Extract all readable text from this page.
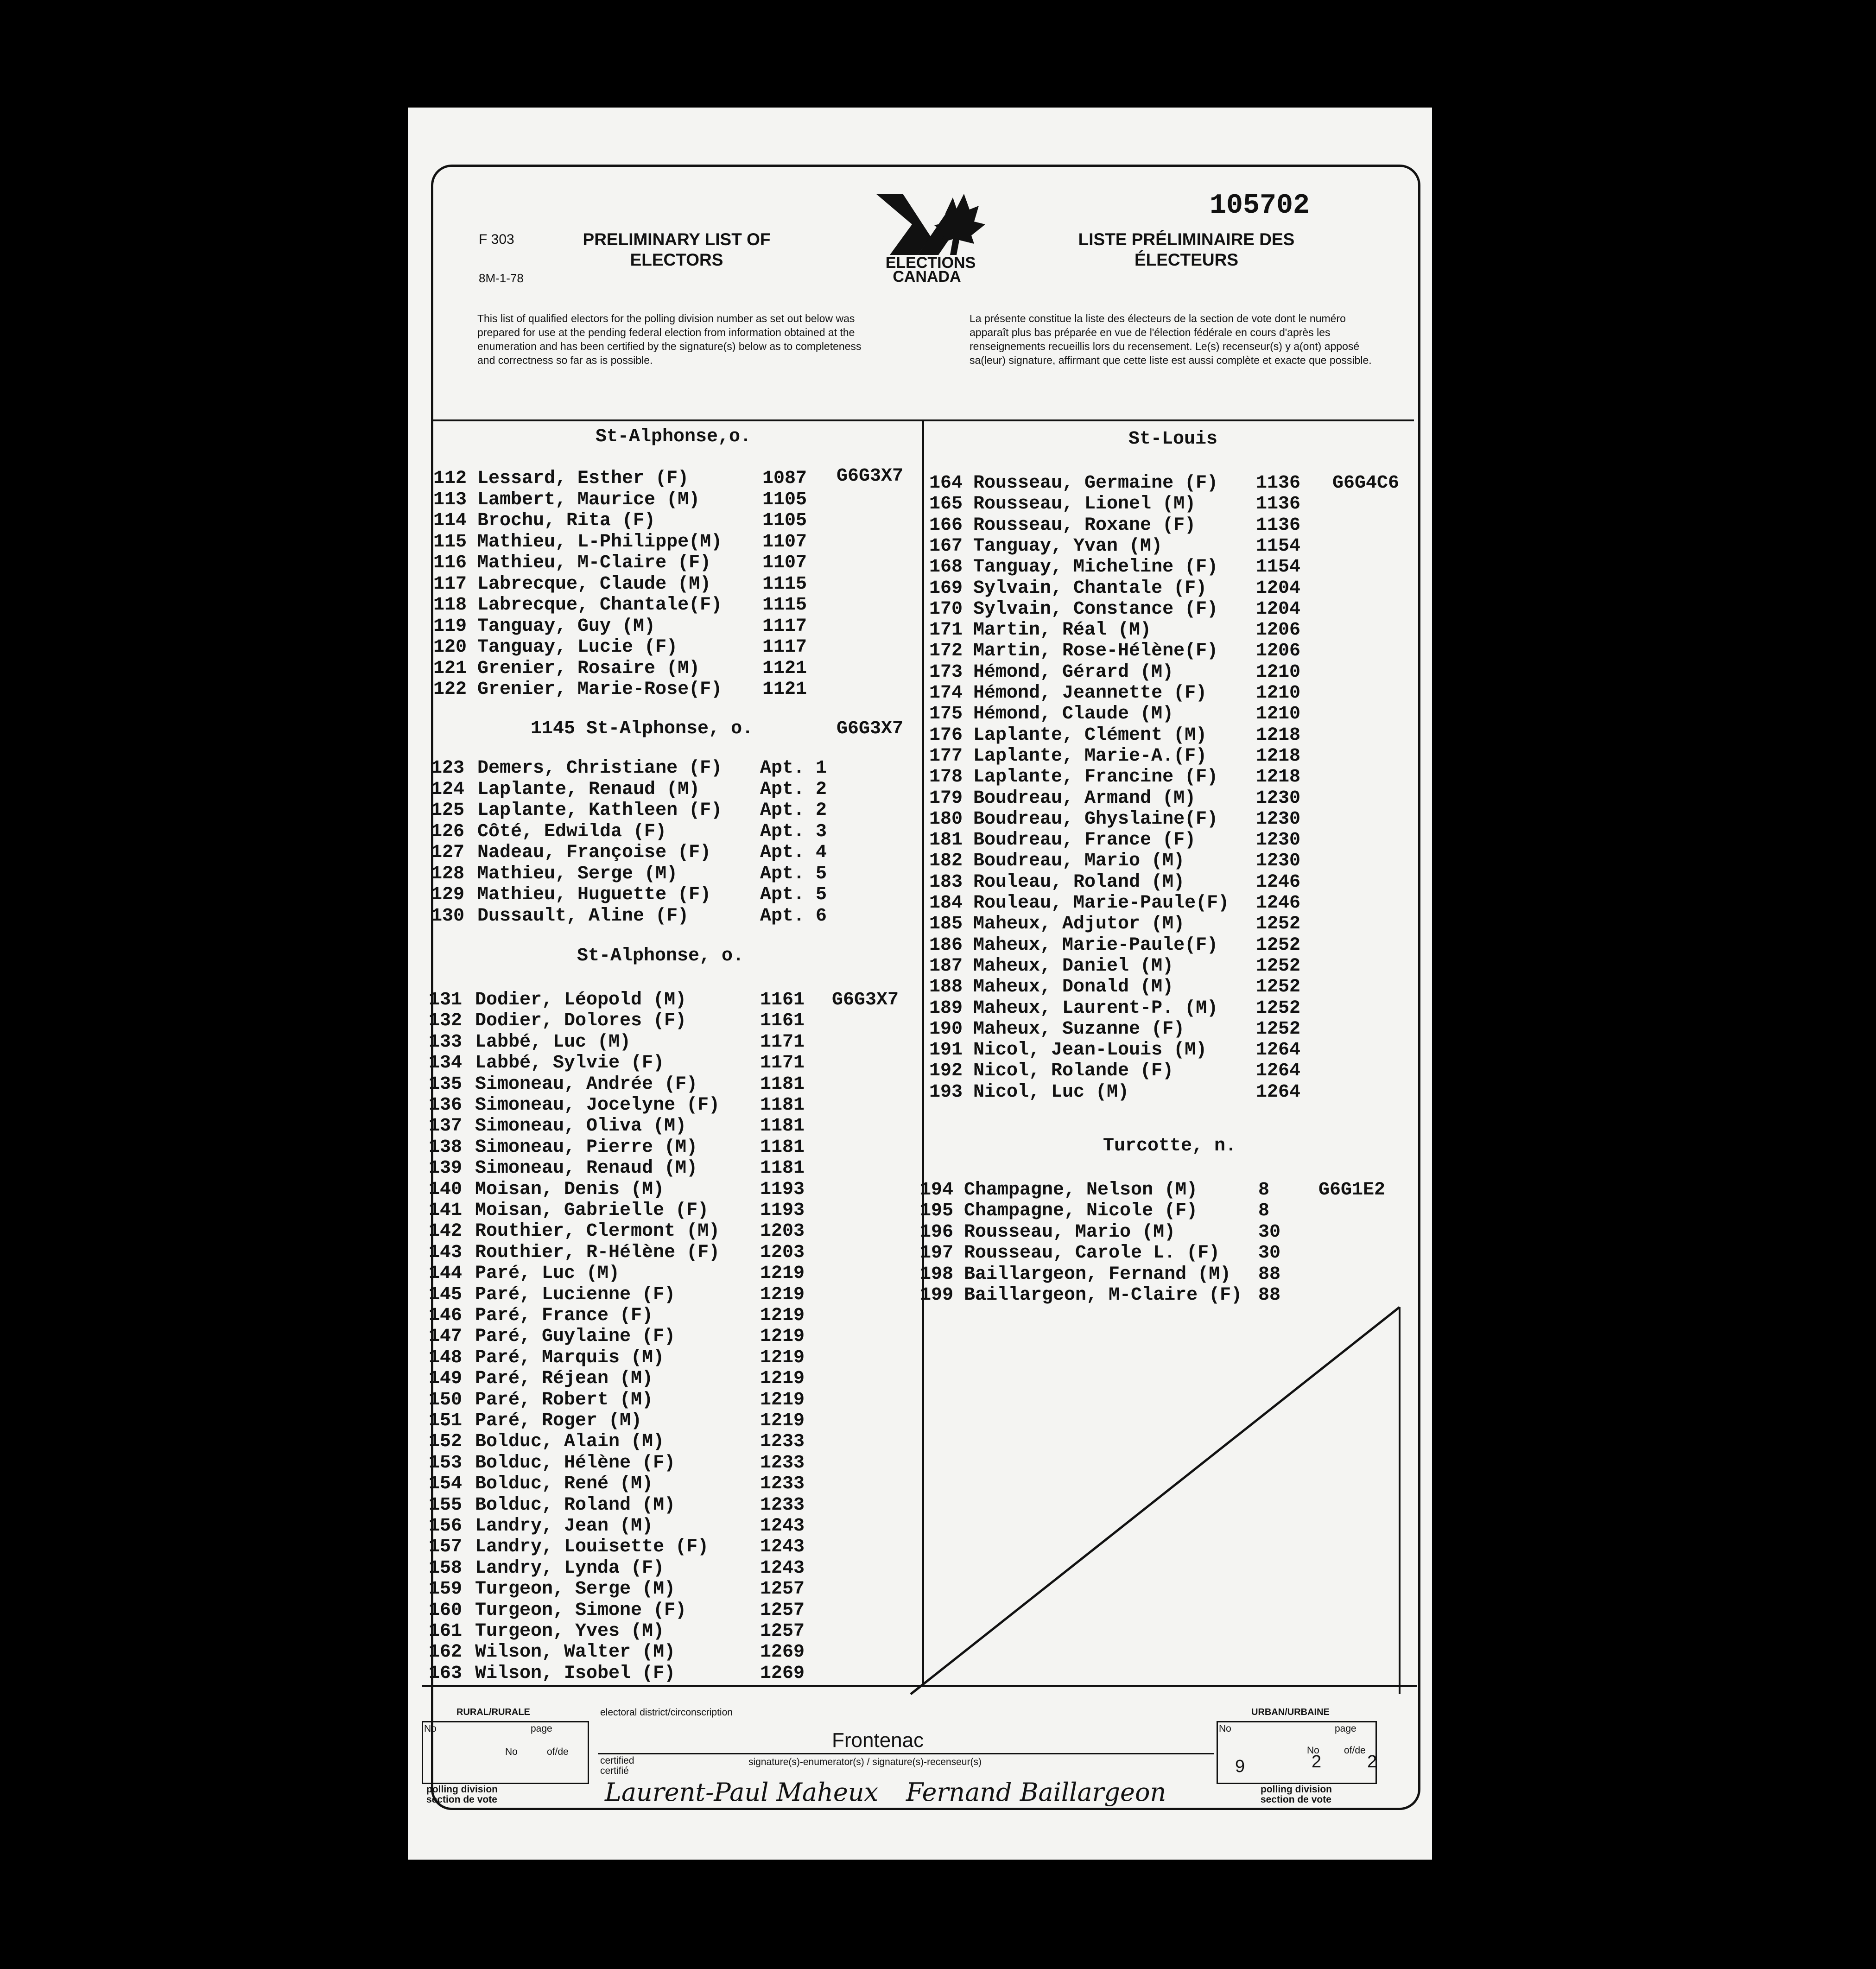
105702
F 303
8M-1-78
PRELIMINARY LIST OF
ELECTORS
LISTE PRÉLIMINAIRE DES
ÉLECTEURS
ELECTIONS
CANADA
This list of qualified electors for the polling division number as set out below was prepared for use at the pending federal election from information obtained at the enumeration and has been certified by the signature(s) below as to completeness and correctness so far as is possible.
La présente constitue la liste des électeurs de la section de vote dont le numéro apparaît plus bas préparée en vue de l'élection fédérale en cours d'après les renseignements recueillis lors du recensement. Le(s) recenseur(s) y a(ont) apposé sa(leur) signature, affirmant que cette liste est aussi complète et exacte que possible.
St-Alphonse,o.
G6G3X7
112 Lessard, Esther (F)	1087
113 Lambert, Maurice (M)	1105
114 Brochu, Rita (F)	1105
115 Mathieu, L-Philippe(M) 1107
116 Mathieu, M-Claire (F)	1107
117 Labrecque, Claude (M)	1115
118 Labrecque, Chantale(F) 1115
119 Tanguay, Guy (M)	1117
120 Tanguay, Lucie (F)	1117
121 Grenier, Rosaire (M)	1121
122 Grenier, Marie-Rose(F) 1121
1145 St-Alphonse, o.	G6G3X7
123 Demers, Christiane (F) Apt. 1
124 Laplante, Renaud (M)	Apt. 2
125 Laplante, Kathleen (F) Apt. 2
126 Côté, Edwilda (F)	Apt. 3
127 Nadeau, Françoise (F)	Apt. 4
128 Mathieu, Serge (M)	Apt. 5
129 Mathieu, Huguette (F)	Apt. 5
130 Dussault, Aline (F)	Apt. 6
St-Alphonse, o.
G6G3X7
131 Dodier, Léopold (M)	1161
132 Dodier, Dolores (F)	1161
133 Labbé, Luc (M)	1171
134 Labbé, Sylvie (F)	1171
135 Simoneau, Andrée (F)	1181
136 Simoneau, Jocelyne (F) 1181
137 Simoneau, Oliva (M)	1181
138 Simoneau, Pierre (M)	1181
139 Simoneau, Renaud (M)	1181
140 Moisan, Denis (M)	1193
141 Moisan, Gabrielle (F)	1193
142 Routhier, Clermont (M) 1203
143 Routhier, R-Hélène (F) 1203
144 Paré, Luc (M)	1219
145 Paré, Lucienne (F)	1219
146 Paré, France (F)	1219
147 Paré, Guylaine (F)	1219
148 Paré, Marquis (M)	1219
149 Paré, Réjean (M)	1219
150 Paré, Robert (M)	1219
151 Paré, Roger (M)	1219
152 Bolduc, Alain (M)	1233
153 Bolduc, Hélène (F)	1233
154 Bolduc, René (M)	1233
155 Bolduc, Roland (M)	1233
156 Landry, Jean (M)	1243
157 Landry, Louisette (F)	1243
158 Landry, Lynda (F)	1243
159 Turgeon, Serge (M)	1257
160 Turgeon, Simone (F)	1257
161 Turgeon, Yves (M)	1257
162 Wilson, Walter (M)	1269
163 Wilson, Isobel (F)	1269
St-Louis
G6G4C6
164 Rousseau, Germaine (F) 1136
165 Rousseau, Lionel (M)	1136
166 Rousseau, Roxane (F)	1136
167 Tanguay, Yvan (M)	1154
168 Tanguay, Micheline (F) 1154
169 Sylvain, Chantale (F)	1204
170 Sylvain, Constance (F) 1204
171 Martin, Réal (M)	1206
172 Martin, Rose-Hélène(F) 1206
173 Hémond, Gérard (M)	1210
174 Hémond, Jeannette (F)	1210
175 Hémond, Claude (M)	1210
176 Laplante, Clément (M)	1218
177 Laplante, Marie-A.(F)	1218
178 Laplante, Francine (F) 1218
179 Boudreau, Armand (M)	1230
180 Boudreau, Ghyslaine(F) 1230
181 Boudreau, France (F)	1230
182 Boudreau, Mario (M)	1230
183 Rouleau, Roland (M)	1246
184 Rouleau, Marie-Paule(F) 1246
185 Maheux, Adjutor (M)	1252
186 Maheux, Marie-Paule(F) 1252
187 Maheux, Daniel (M)	1252
188 Maheux, Donald (M)	1252
189 Maheux, Laurent-P. (M) 1252
190 Maheux, Suzanne (F)	1252
191 Nicol, Jean-Louis (M)	1264
192 Nicol, Rolande (F)	1264
193 Nicol, Luc (M)	1264
Turcotte, n.
G6G1E2
194 Champagne, Nelson (M)	8
195 Champagne, Nicole (F)	8
196 Rousseau, Mario (M)	30
197 Rousseau, Carole L. (F) 30
198 Baillargeon, Fernand (M) 88
199 Baillargeon, M-Claire (F) 88
RURAL/RURALE	URBAN/URBAINE
electoral district/circonscription
No	page
No	of/de
polling division
section de vote
Frontenac
certified
certifié
signature(s)-enumerator(s) / signature(s)-recenseur(s)
Laurent-Paul Maheux Fernand Baillargeon
No	page
9
No
2
of/de
2
polling division
section de vote
